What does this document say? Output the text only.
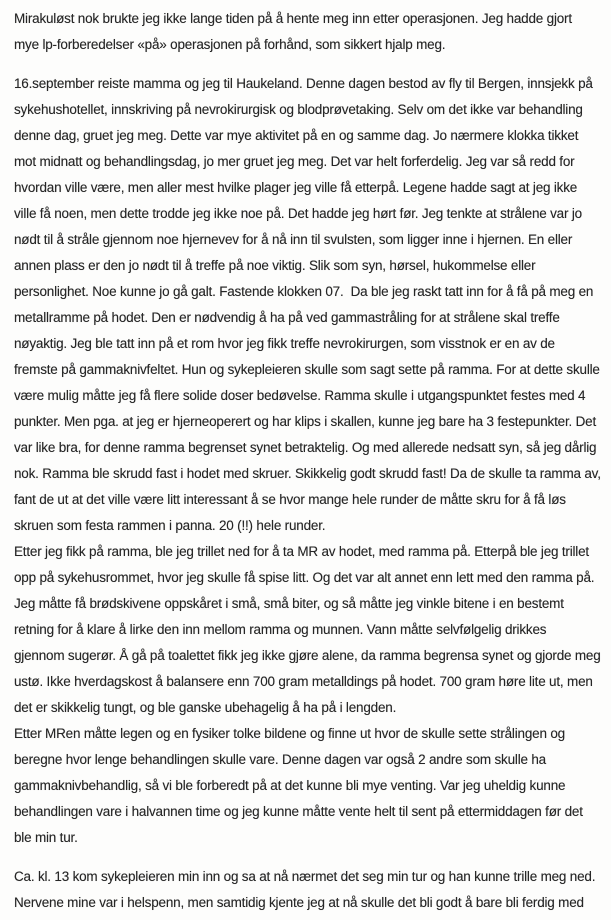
Mirakuløst nok brukte jeg ikke lange tiden på å hente meg inn etter operasjonen. Jeg hadde gjort
mye lp-forberedelser «på» operasjonen på forhånd, som sikkert hjalp meg.
16.september reiste mamma og jeg til Haukeland. Denne dagen bestod av fly til Bergen, innsjekk på
sykehushotellet, innskriving på nevrokirurgisk og blodprøvetaking. Selv om det ikke var behandling
denne dag, gruet jeg meg. Dette var mye aktivitet på en og samme dag. Jo nærmere klokka tikket
mot midnatt og behandlingsdag, jo mer gruet jeg meg. Det var helt forferdelig. Jeg var så redd for
hvordan ville være, men aller mest hvilke plager jeg ville få etterpå. Legene hadde sagt at jeg ikke
ville få noen, men dette trodde jeg ikke noe på. Det hadde jeg hørt før. Jeg tenkte at strålene var jo
nødt til å stråle gjennom noe hjernevev for å nå inn til svulsten, som ligger inne i hjernen. En eller
annen plass er den jo nødt til å treffe på noe viktig. Slik som syn, hørsel, hukommelse eller
personlighet. Noe kunne jo gå galt. Fastende klokken 07.  Da ble jeg raskt tatt inn for å få på meg en
metallramme på hodet. Den er nødvendig å ha på ved gammastråling for at strålene skal treffe
nøyaktig. Jeg ble tatt inn på et rom hvor jeg fikk treffe nevrokirurgen, som visstnok er en av de
fremste på gammaknivfeltet. Hun og sykepleieren skulle som sagt sette på ramma. For at dette skulle
være mulig måtte jeg få flere solide doser bedøvelse. Ramma skulle i utgangspunktet festes med 4
punkter. Men pga. at jeg er hjerneoperert og har klips i skallen, kunne jeg bare ha 3 festepunkter. Det
var like bra, for denne ramma begrenset synet betraktelig. Og med allerede nedsatt syn, så jeg dårlig
nok. Ramma ble skrudd fast i hodet med skruer. Skikkelig godt skrudd fast! Da de skulle ta ramma av,
fant de ut at det ville være litt interessant å se hvor mange hele runder de måtte skru for å få løs
skruen som festa rammen i panna. 20 (!!) hele runder.
Etter jeg fikk på ramma, ble jeg trillet ned for å ta MR av hodet, med ramma på. Etterpå ble jeg trillet
opp på sykehusrommet, hvor jeg skulle få spise litt. Og det var alt annet enn lett med den ramma på.
Jeg måtte få brødskivene oppskåret i små, små biter, og så måtte jeg vinkle bitene i en bestemt
retning for å klare å lirke den inn mellom ramma og munnen. Vann måtte selvfølgelig drikkes
gjennom sugerør. Å gå på toalettet fikk jeg ikke gjøre alene, da ramma begrensa synet og gjorde meg
ustø. Ikke hverdagskost å balansere enn 700 gram metalldings på hodet. 700 gram høre lite ut, men
det er skikkelig tungt, og ble ganske ubehagelig å ha på i lengden.
Etter MRen måtte legen og en fysiker tolke bildene og finne ut hvor de skulle sette strålingen og
beregne hvor lenge behandlingen skulle vare. Denne dagen var også 2 andre som skulle ha
gammaknivbehandlig, så vi ble forberedt på at det kunne bli mye venting. Var jeg uheldig kunne
behandlingen vare i halvannen time og jeg kunne måtte vente helt til sent på ettermiddagen før det
ble min tur.
Ca. kl. 13 kom sykepleieren min inn og sa at nå nærmet det seg min tur og han kunne trille meg ned.
Nervene mine var i helspenn, men samtidig kjente jeg at nå skulle det bli godt å bare bli ferdig med
